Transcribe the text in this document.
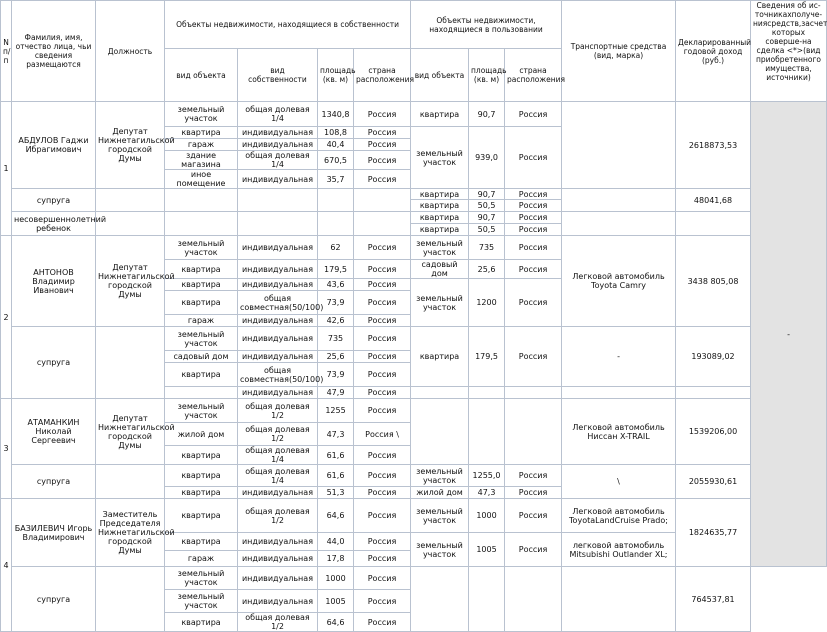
N п/п	Фамилия, имя, отчество лица, чьи сведения размещаются	Должность	Объекты недвижимости, находящиеся в собственности				Объекты недвижимости, находящиеся в пользовании			Транспортные средства (вид, марка)	Декларированный годовой доход (руб.)	Сведения об ис-точникахполуче-ниясредств,засчет которых соверше-на сделка <*>(вид приобретенного имущества, источники)
			вид объекта	вид собственности	площадь (кв. м)	страна расположения	вид объекта	площадь (кв. м)	страна расположения			
1	АБДУЛОВ Гаджи Ибрагимович	Депутат Нижнетагильской городской Думы	земельный участок	общая долевая 1/4	1340,8	Россия	квартира	90,7	Россия		2618873,53	-
			квартира	индивидуальная	108,8	Россия	земельный участок	939,0	Россия			
			гараж	индивидуальная	40,4	Россия						
			здание магазина	общая долевая 1/4	670,5	Россия						
			иное помещение	индивидуальная	35,7	Россия						
	супруга						квартира	90,7	Россия		48041,68	
							квартира	50,5	Россия			
	несовершеннолетний ребенок						квартира	90,7	Россия			
							квартира	50,5	Россия			
2	АНТОНОВ Владимир Иванович	Депутат Нижнетагильской городской Думы	земельный участок	индивидуальная	62	Россия	земельный участок	735	Россия	Легковой автомобиль Toyota Camry	3438 805,08	
			квартира	индивидуальная	179,5	Россия	садовый дом	25,6	Россия			
			квартира	индивидуальная	43,6	Россия	земельный участок	1200	Россия			
			квартира	общая совместная(50/100)	73,9	Россия						
			гараж	индивидуальная	42,6	Россия						
	супруга		земельный участок	индивидуальная	735	Россия	квартира	179,5	Россия	-	193089,02	
			садовый дом	индивидуальная	25,6	Россия						
			квартира	общая совместная(50/100)	73,9	Россия						
				индивидуальная	47,9	Россия						
3	АТАМАНКИН Николай Сергеевич	Депутат Нижнетагильской городской Думы	земельный участок	общая долевая 1/2	1255	Россия				Легковой автомобиль Ниссан X-TRAIL	1539206,00	
			жилой дом	общая долевая 1/2	47,3	Россия \						
			квартира	общая долевая 1/4	61,6	Россия						
	супруга		квартира	общая долевая 1/4	61,6	Россия	земельный участок	1255,0	Россия	\	2055930,61	
			квартира	индивидуальная	51,3	Россия	жилой дом	47,3	Россия			
4	БАЗИЛЕВИЧ Игорь Владимирович	Заместитель Председателя Нижнетагильской городской Думы	квартира	общая долевая 1/2	64,6	Россия	земельный участок	1000	Россия	Легковой автомобиль ToyotaLandCruise Prado;	1824635,77	
			квартира	индивидуальная	44,0	Россия	земельный участок	1005	Россия	легковой автомобиль Mitsubishi Outlander XL;		
			гараж	индивидуальная	17,8	Россия						
	супруга		земельный участок	индивидуальная	1000	Россия					764537,81	
			земельный участок	индивидуальная	1005	Россия						
			квартира	общая долевая 1/2	64,6	Россия						
